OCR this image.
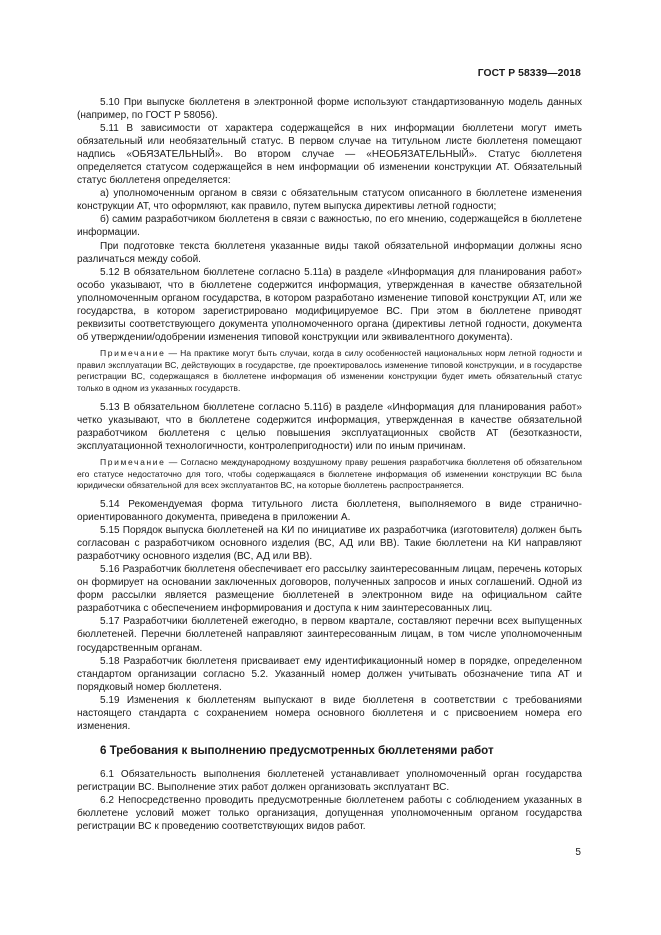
ГОСТ Р 58339—2018

5.10 При выпуске бюллетеня в электронной форме используют стандартизованную модель данных (например, по ГОСТ Р 58056).

5.11 В зависимости от характера содержащейся в них информации бюллетени могут иметь обязательный или необязательный статус. В первом случае на титульном листе бюллетеня помещают надпись «ОБЯЗАТЕЛЬНЫЙ». Во втором случае — «НЕОБЯЗАТЕЛЬНЫЙ». Статус бюллетеня определяется статусом содержащейся в нем информации об изменении конструкции АТ. Обязательный статус бюллетеня определяется:

а) уполномоченным органом в связи с обязательным статусом описанного в бюллетене изменения конструкции АТ, что оформляют, как правило, путем выпуска директивы летной годности;

б) самим разработчиком бюллетеня в связи с важностью, по его мнению, содержащейся в бюллетене информации.

При подготовке текста бюллетеня указанные виды такой обязательной информации должны ясно различаться между собой.

5.12 В обязательном бюллетене согласно 5.11а) в разделе «Информация для планирования работ» особо указывают, что в бюллетене содержится информация, утвержденная в качестве обязательной уполномоченным органом государства, в котором разработано изменение типовой конструкции АТ, или же государства, в котором зарегистрировано модифицируемое ВС. При этом в бюллетене приводят реквизиты соответствующего документа уполномоченного органа (директивы летной годности, документа об утверждении/одобрении изменения типовой конструкции или эквивалентного документа).

Примечание — На практике могут быть случаи, когда в силу особенностей национальных норм летной годности и правил эксплуатации ВС, действующих в государстве, где проектировалось изменение типовой конструкции, и в государстве регистрации ВС, содержащаяся в бюллетене информация об изменении конструкции будет иметь обязательный статус только в одном из указанных государств.

5.13 В обязательном бюллетене согласно 5.11б) в разделе «Информация для планирования работ» четко указывают, что в бюллетене содержится информация, утвержденная в качестве обязательной разработчиком бюллетеня с целью повышения эксплуатационных свойств АТ (безотказности, эксплуатационной технологичности, контролепригодности) или по иным причинам.

Примечание — Согласно международному воздушному праву решения разработчика бюллетеня об обязательном его статусе недостаточно для того, чтобы содержащаяся в бюллетене информация об изменении конструкции ВС была юридически обязательной для всех эксплуатантов ВС, на которые бюллетень распространяется.

5.14 Рекомендуемая форма титульного листа бюллетеня, выполняемого в виде странично-ориентированного документа, приведена в приложении А.

5.15 Порядок выпуска бюллетеней на КИ по инициативе их разработчика (изготовителя) должен быть согласован с разработчиком основного изделия (ВС, АД или ВВ). Такие бюллетени на КИ направляют разработчику основного изделия (ВС, АД или ВВ).

5.16 Разработчик бюллетеня обеспечивает его рассылку заинтересованным лицам, перечень которых он формирует на основании заключенных договоров, полученных запросов и иных соглашений. Одной из форм рассылки является размещение бюллетеней в электронном виде на официальном сайте разработчика с обеспечением информирования и доступа к ним заинтересованных лиц.

5.17 Разработчики бюллетеней ежегодно, в первом квартале, составляют перечни всех выпущенных бюллетеней. Перечни бюллетеней направляют заинтересованным лицам, в том числе уполномоченным государственным органам.

5.18 Разработчик бюллетеня присваивает ему идентификационный номер в порядке, определенном стандартом организации согласно 5.2. Указанный номер должен учитывать обозначение типа АТ и порядковый номер бюллетеня.

5.19 Изменения к бюллетеням выпускают в виде бюллетеня в соответствии с требованиями настоящего стандарта с сохранением номера основного бюллетеня и с присвоением номера его изменения.

6 Требования к выполнению предусмотренных бюллетенями работ

6.1 Обязательность выполнения бюллетеней устанавливает уполномоченный орган государства регистрации ВС. Выполнение этих работ должен организовать эксплуатант ВС.

6.2 Непосредственно проводить предусмотренные бюллетенем работы с соблюдением указанных в бюллетене условий может только организация, допущенная уполномоченным органом государства регистрации ВС к проведению соответствующих видов работ.

5
